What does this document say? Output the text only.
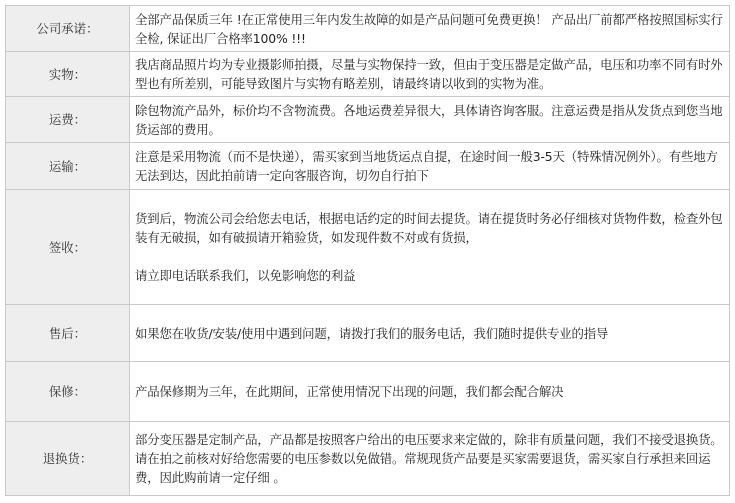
公司承诺：	全部产品保质三年 !在正常使用三年内发生故障的如是产品问题可免费更换！ 产品出厂前都严格按照国标实行全检, 保证出厂合格率100% !!!

实物：	我店商品照片均为专业摄影师拍摄，尽量与实物保持一致，但由于变压器是定做产品，电压和功率不同有时外型也有所差别，可能导致图片与实物有略差别，请最终请以收到的实物为准。

运费：	除包物流产品外，标价均不含物流费。各地运费差异很大，具体请咨询客服。注意运费是指从发货点到您当地货运部的费用。

运输：	注意是采用物流（而不是快递），需买家到当地货运点自提，在途时间一般3-5天（特殊情况例外）。有些地方无法到达，因此拍前请一定向客服咨询，切勿自行拍下

签收：	货到后，物流公司会给您去电话，根据电话约定的时间去提货。请在提货时务必仔细核对货物件数，检查外包装有无破损，如有破损请开箱验货，如发现件数不对或有货损，
请立即电话联系我们，以免影响您的利益

售后：	如果您在收货/安装/使用中遇到问题，请拨打我们的服务电话，我们随时提供专业的指导

保修：	产品保修期为三年，在此期间，正常使用情况下出现的问题，我们都会配合解决

退换货：	部分变压器是定制产品，产品都是按照客户给出的电压要求来定做的，除非有质量问题，我们不接受退换货。请在拍之前核对好给您需要的电压参数以免做错。常规现货产品要是买家需要退货，需买家自行承担来回运费，因此购前请一定仔细 。
